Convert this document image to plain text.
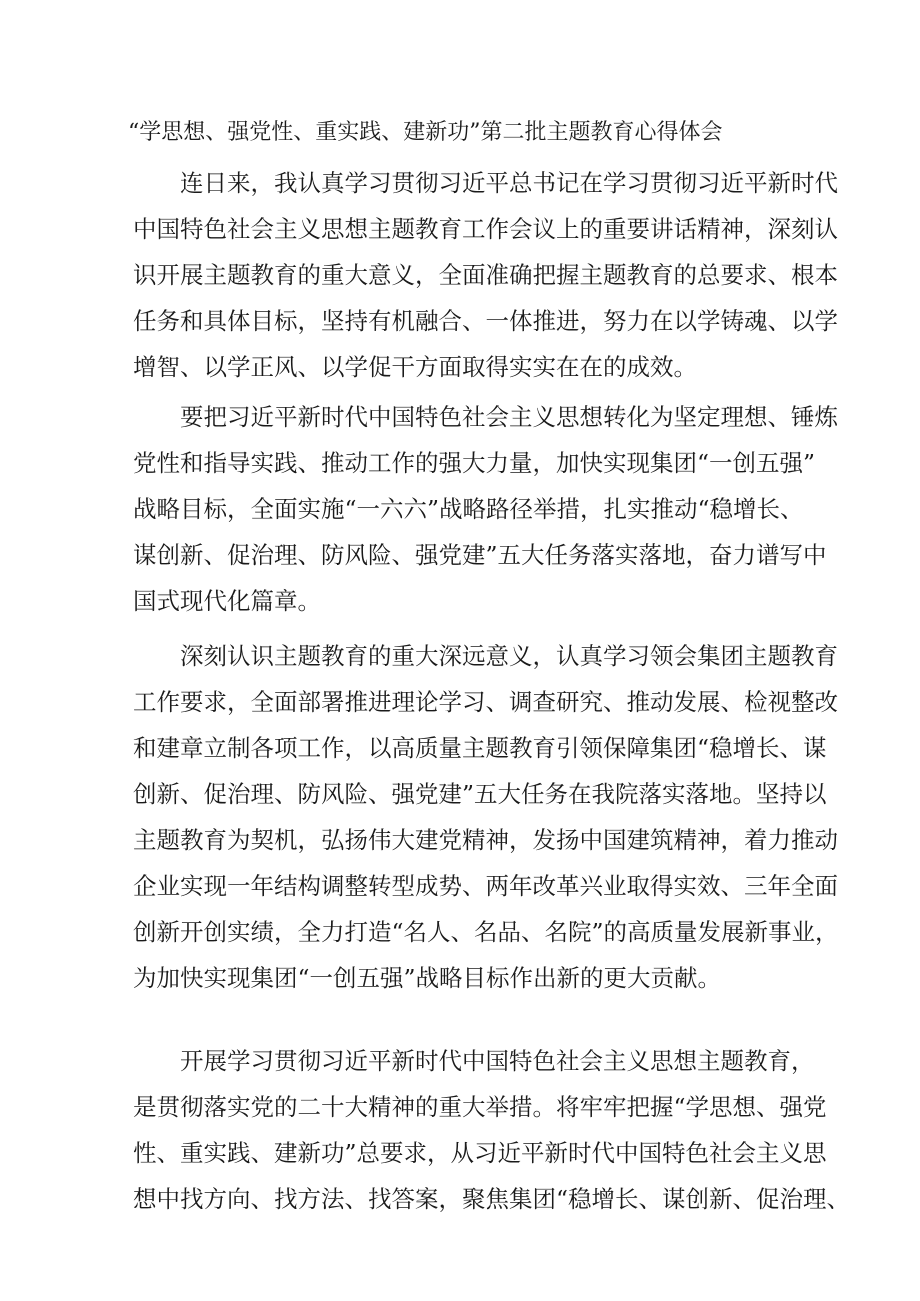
“学思想、强党性、重实践、建新功”第二批主题教育心得体会
连日来，我认真学习贯彻习近平总书记在学习贯彻习近平新时代
中国特色社会主义思想主题教育工作会议上的重要讲话精神，深刻认
识开展主题教育的重大意义，全面准确把握主题教育的总要求、根本
任务和具体目标，坚持有机融合、一体推进，努力在以学铸魂、以学
增智、以学正风、以学促干方面取得实实在在的成效。
要把习近平新时代中国特色社会主义思想转化为坚定理想、锤炼
党性和指导实践、推动工作的强大力量，加快实现集团“一创五强”
战略目标，全面实施“一六六”战略路径举措，扎实推动“稳增长、
谋创新、促治理、防风险、强党建”五大任务落实落地，奋力谱写中
国式现代化篇章。
深刻认识主题教育的重大深远意义，认真学习领会集团主题教育
工作要求，全面部署推进理论学习、调查研究、推动发展、检视整改
和建章立制各项工作，以高质量主题教育引领保障集团“稳增长、谋
创新、促治理、防风险、强党建”五大任务在我院落实落地。坚持以
主题教育为契机，弘扬伟大建党精神，发扬中国建筑精神，着力推动
企业实现一年结构调整转型成势、两年改革兴业取得实效、三年全面
创新开创实绩，全力打造“名人、名品、名院”的高质量发展新事业，
为加快实现集团“一创五强”战略目标作出新的更大贡献。
开展学习贯彻习近平新时代中国特色社会主义思想主题教育，
是贯彻落实党的二十大精神的重大举措。将牢牢把握“学思想、强党
性、重实践、建新功”总要求，从习近平新时代中国特色社会主义思
想中找方向、找方法、找答案，聚焦集团“稳增长、谋创新、促治理、
